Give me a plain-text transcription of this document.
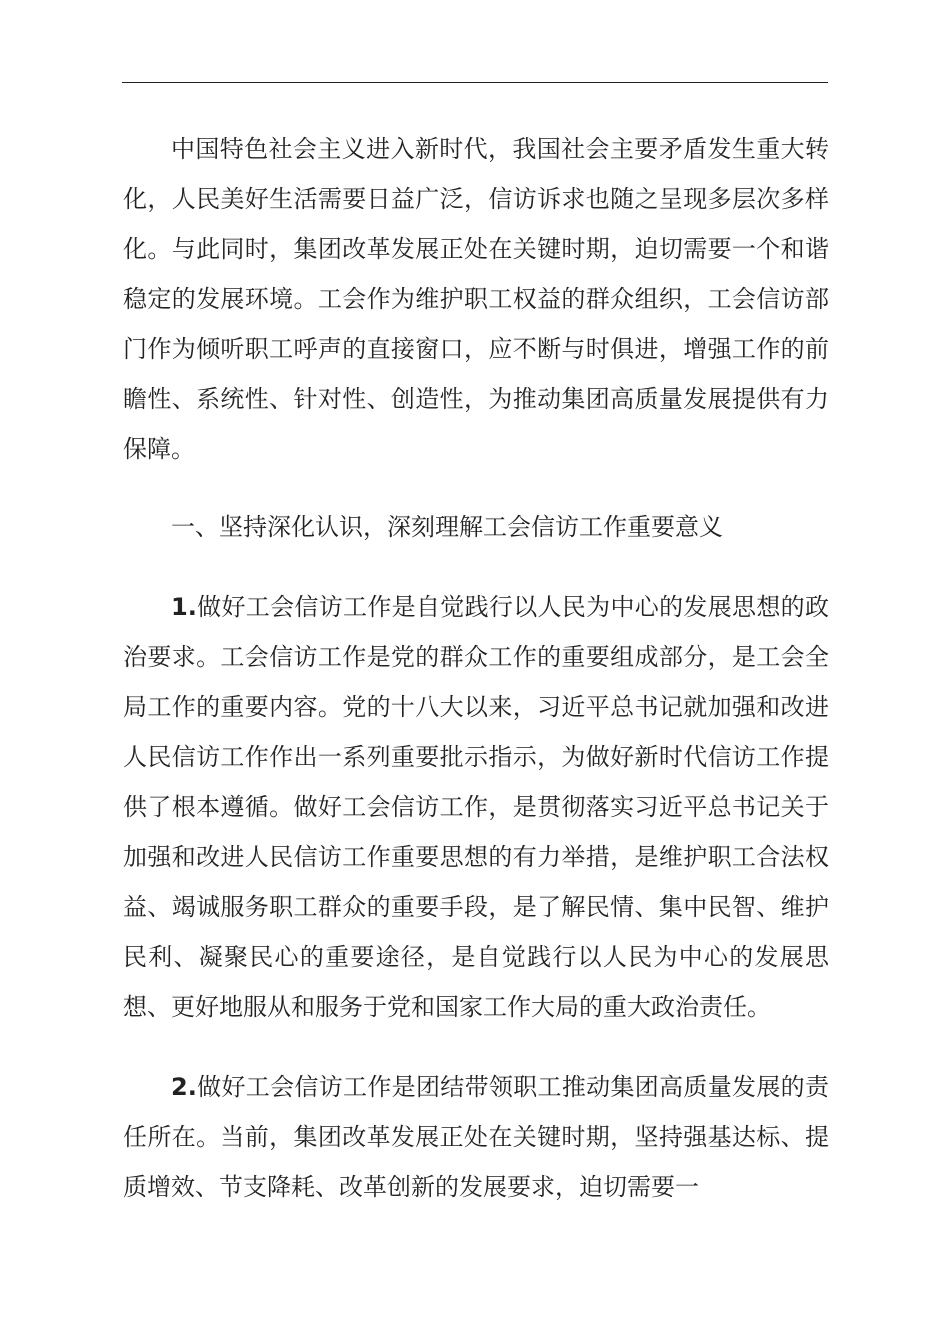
中国特色社会主义进入新时代，我国社会主要矛盾发生重大转化，人民美好生活需要日益广泛，信访诉求也随之呈现多层次多样化。与此同时，集团改革发展正处在关键时期，迫切需要一个和谐稳定的发展环境。工会作为维护职工权益的群众组织，工会信访部门作为倾听职工呼声的直接窗口，应不断与时俱进，增强工作的前瞻性、系统性、针对性、创造性，为推动集团高质量发展提供有力保障。

一、坚持深化认识，深刻理解工会信访工作重要意义

1.做好工会信访工作是自觉践行以人民为中心的发展思想的政治要求。工会信访工作是党的群众工作的重要组成部分，是工会全局工作的重要内容。党的十八大以来，习近平总书记就加强和改进人民信访工作作出一系列重要批示指示，为做好新时代信访工作提供了根本遵循。做好工会信访工作，是贯彻落实习近平总书记关于加强和改进人民信访工作重要思想的有力举措，是维护职工合法权益、竭诚服务职工群众的重要手段，是了解民情、集中民智、维护民利、凝聚民心的重要途径，是自觉践行以人民为中心的发展思想、更好地服从和服务于党和国家工作大局的重大政治责任。

2.做好工会信访工作是团结带领职工推动集团高质量发展的责任所在。当前，集团改革发展正处在关键时期，坚持强基达标、提质增效、节支降耗、改革创新的发展要求，迫切需要一
